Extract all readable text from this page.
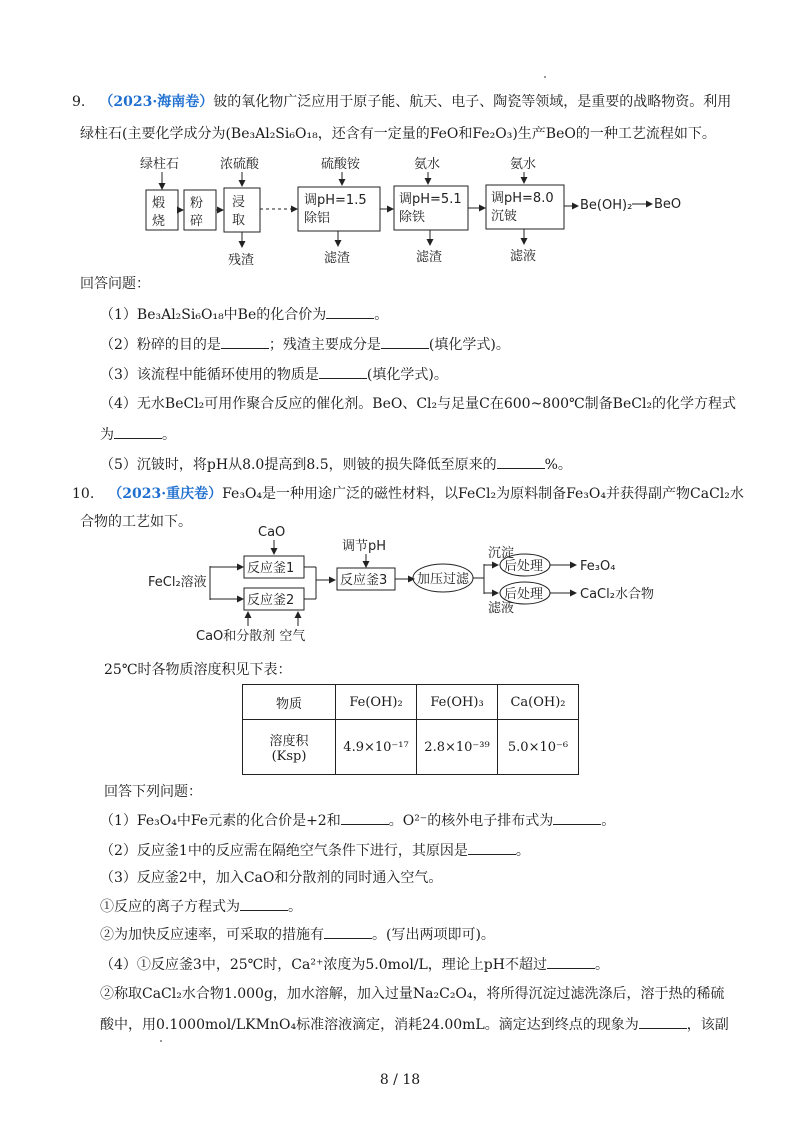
9. （2023·海南卷）铍的氧化物广泛应用于原子能、航天、电子、陶瓷等领域，是重要的战略物资。利用
绿柱石(主要化学成分为(Be₃Al₂Si₆O₁₈，还含有一定量的FeO和Fe₂O₃)生产BeO的一种工艺流程如下。
绿柱石	浓硫酸	硫酸铵	氨水	氨水
煅烧
粉碎
浸取
调pH=1.5
除铝
调pH=5.1
除铁
调pH=8.0
沉铍
Be(OH)₂ BeO
残渣	滤渣	滤渣	滤液
回答问题：
（1）Be₃Al₂Si₆O₁₈中Be的化合价为	。
（2）粉碎的目的是	；残渣主要成分是	(填化学式)。
（3）该流程中能循环使用的物质是	(填化学式)。
（4）无水BeCl₂可用作聚合反应的催化剂。BeO、Cl₂与足量C在600~800℃制备BeCl₂的化学方程式
为	。
（5）沉铍时，将pH从8.0提高到8.5，则铍的损失降低至原来的	%。
10. （2023·重庆卷）Fe₃O₄是一种用途广泛的磁性材料，以FeCl₂为原料制备Fe₃O₄并获得副产物CaCl₂水
合物的工艺如下。
CaO
调节pH
FeCl₂溶液
反应釜1
反应釜2
反应釜3 加压过滤
沉淀
滤液
后处理
后处理
Fe₃O₄
CaCl₂水合物
CaO和分散剂 空气
25℃时各物质溶度积见下表：
物质	Fe(OH)₂	Fe(OH)₃	Ca(OH)₂

溶度积
(Ksp)	4.9×10⁻¹⁷	2.8×10⁻³⁹	5.0×10⁻⁶
回答下列问题：
（1）Fe₃O₄中Fe元素的化合价是+2和	。O²⁻的核外电子排布式为	。
（2）反应釜1中的反应需在隔绝空气条件下进行，其原因是	。
（3）反应釜2中，加入CaO和分散剂的同时通入空气。
①反应的离子方程式为	。
②为加快反应速率，可采取的措施有	。(写出两项即可)。
（4）①反应釜3中，25℃时，Ca²⁺浓度为5.0mol/L，理论上pH不超过	。
②称取CaCl₂水合物1.000g，加水溶解，加入过量Na₂C₂O₄，将所得沉淀过滤洗涤后，溶于热的稀硫
酸中，用0.1000mol/LKMnO₄标准溶液滴定，消耗24.00mL。滴定达到终点的现象为	，该副
8 / 18
